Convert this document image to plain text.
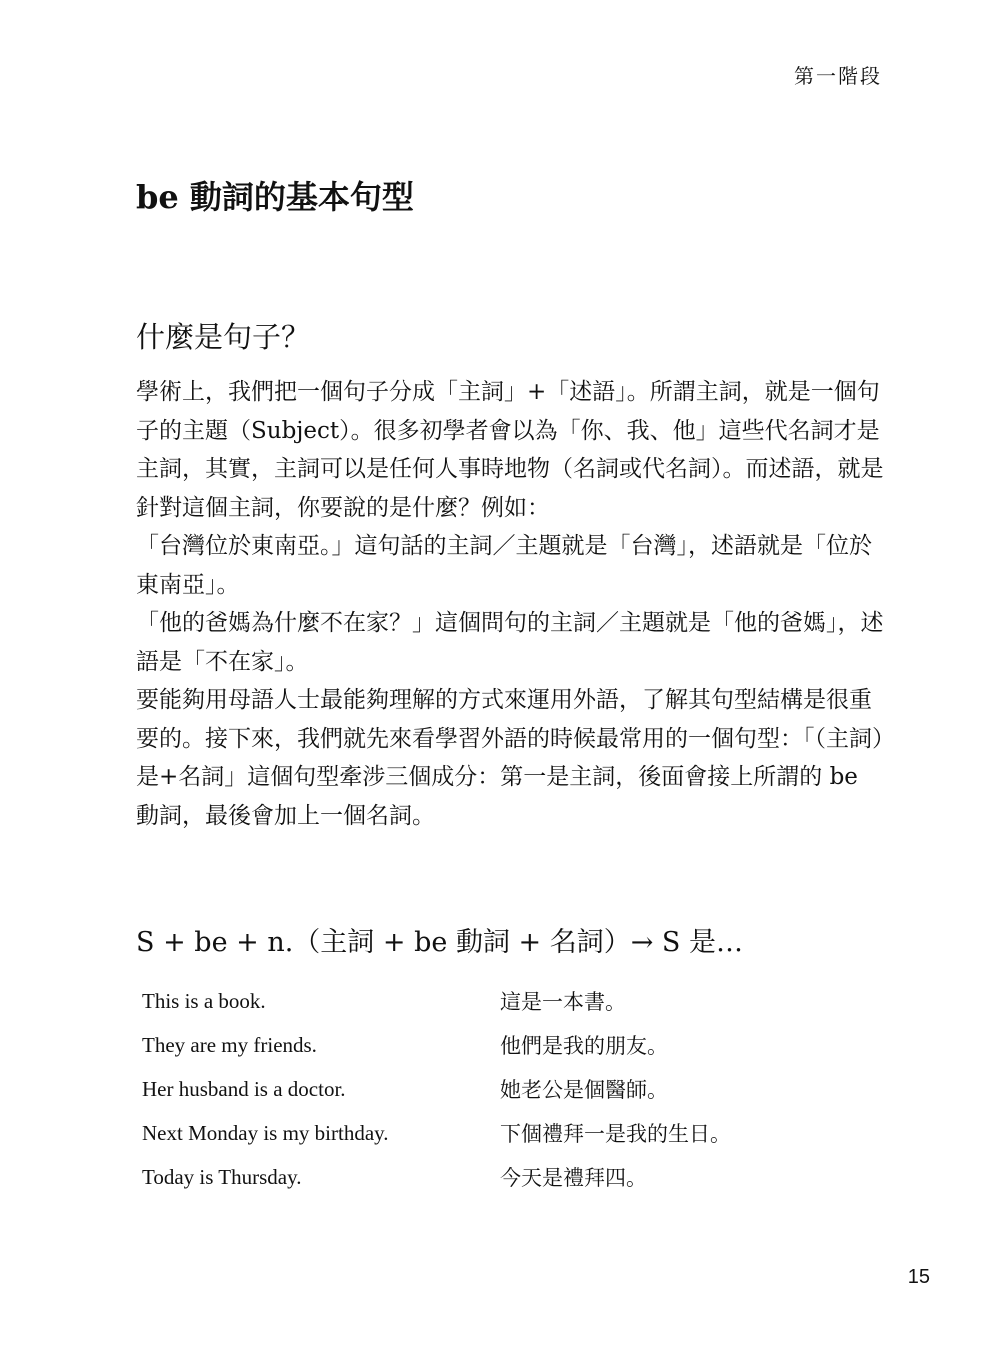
第一階段
be 動詞的基本句型
什麼是句子？

學術上，我們把一個句子分成「主詞」+「述語」。所謂主詞，就是一個句子的主題（Subject）。很多初學者會以為「你、我、他」這些代名詞才是主詞，其實，主詞可以是任何人事時地物（名詞或代名詞）。而述語，就是針對這個主詞，你要說的是什麼？例如：

「台灣位於東南亞。」這句話的主詞／主題就是「台灣」，述語就是「位於東南亞」。

「他的爸媽為什麼不在家？」這個問句的主詞／主題就是「他的爸媽」，述語是「不在家」。

要能夠用母語人士最能夠理解的方式來運用外語，了解其句型結構是很重要的。接下來，我們就先來看學習外語的時候最常用的一個句型：「（主詞）是+名詞」這個句型牽涉三個成分：第一是主詞，後面會接上所謂的 be 動詞，最後會加上一個名詞。

S + be + n.（主詞 + be 動詞 + 名詞）→ S 是…
This is a book.	這是一本書。
They are my friends.	他們是我的朋友。
Her husband is a doctor.	她老公是個醫師。
Next Monday is my birthday.	下個禮拜一是我的生日。
Today is Thursday.	今天是禮拜四。
15
